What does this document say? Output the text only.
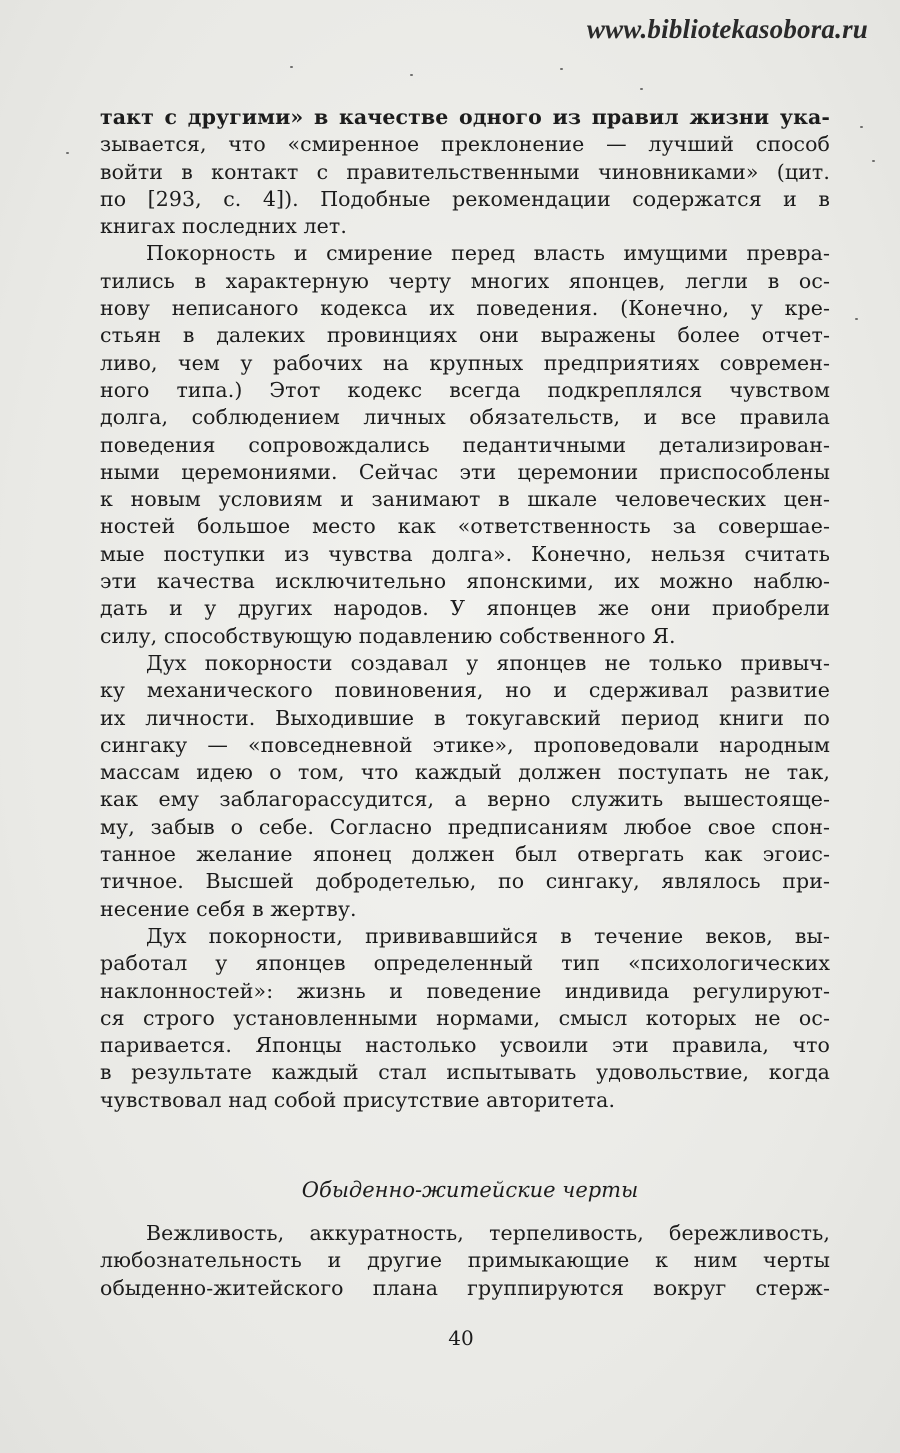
www.bibliotekasobora.ru
такт с другими» в качестве одного из правил жизни ука-
зывается, что «смиренное преклонение — лучший способ
войти в контакт с правительственными чиновниками» (цит.
по [293, с. 4]). Подобные рекомендации содержатся и в
книгах последних лет.
Покорность и смирение перед власть имущими превра-
тились в характерную черту многих японцев, легли в ос-
нову неписаного кодекса их поведения. (Конечно, у кре-
стьян в далеких провинциях они выражены более отчет-
ливо, чем у рабочих на крупных предприятиях современ-
ного типа.) Этот кодекс всегда подкреплялся чувством
долга, соблюдением личных обязательств, и все правила
поведения сопровождались педантичными детализирован-
ными церемониями. Сейчас эти церемонии приспособлены
к новым условиям и занимают в шкале человеческих цен-
ностей большое место как «ответственность за совершае-
мые поступки из чувства долга». Конечно, нельзя считать
эти качества исключительно японскими, их можно наблю-
дать и у других народов. У японцев же они приобрели
силу, способствующую подавлению собственного Я.
Дух покорности создавал у японцев не только привыч-
ку механического повиновения, но и сдерживал развитие
их личности. Выходившие в токугавский период книги по
сингаку — «повседневной этике», проповедовали народным
массам идею о том, что каждый должен поступать не так,
как ему заблагорассудится, а верно служить вышестояще-
му, забыв о себе. Согласно предписаниям любое свое спон-
танное желание японец должен был отвергать как эгоис-
тичное. Высшей добродетелью, по сингаку, являлось при-
несение себя в жертву.
Дух покорности, прививавшийся в течение веков, вы-
работал у японцев определенный тип «психологических
наклонностей»: жизнь и поведение индивида регулируют-
ся строго установленными нормами, смысл которых не ос-
паривается. Японцы настолько усвоили эти правила, что
в результате каждый стал испытывать удовольствие, когда
чувствовал над собой присутствие авторитета.
Обыденно-житейские черты
Вежливость, аккуратность, терпеливость, бережливость,
любознательность и другие примыкающие к ним черты
обыденно-житейского плана группируются вокруг стерж-
40
